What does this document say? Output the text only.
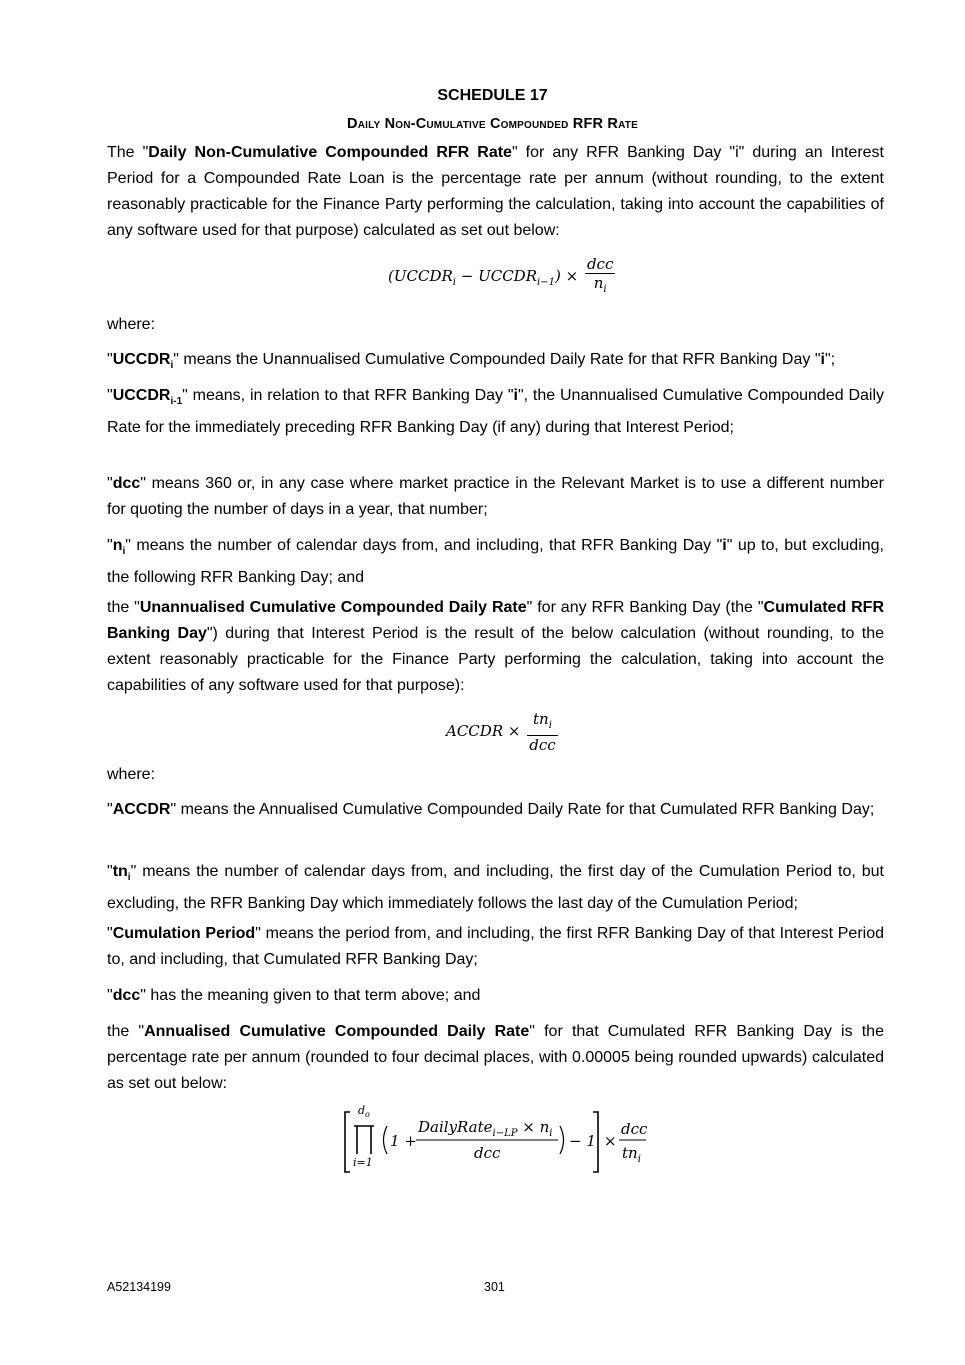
SCHEDULE 17
Daily Non-Cumulative Compounded RFR Rate
The "Daily Non-Cumulative Compounded RFR Rate" for any RFR Banking Day "i" during an Interest Period for a Compounded Rate Loan is the percentage rate per annum (without rounding, to the extent reasonably practicable for the Finance Party performing the calculation, taking into account the capabilities of any software used for that purpose) calculated as set out below:
($UCCDR_i$ − $UCCDR_{i-1}) \times \frac{\text{dcc}}{n_i}$
where:
"$UCCDR_i$" means the Unannualised Cumulative Compounded Daily Rate for that RFR Banking Day "i";
"$UCCDR_{i-1}$" means, in relation to that RFR Banking Day "i", the Unannualised Cumulative Compounded Daily Rate for the immediately preceding RFR Banking Day (if any) during that Interest Period;
"dcc" means 360 or, in any case where market practice in the Relevant Market is to use a different number for quoting the number of days in a year, that number;
"$n_i$" means the number of calendar days from, and including, that RFR Banking Day "i" up to, but excluding, the following RFR Banking Day; and
the "Unannualised Cumulative Compounded Daily Rate" for any RFR Banking Day (the "Cumulated RFR Banking Day") during that Interest Period is the result of the below calculation (without rounding, to the extent reasonably practicable for the Finance Party performing the calculation, taking into account the capabilities of any software used for that purpose):
ACCDR × $\frac{tn_i}{\text{dcc}}$
where:
"ACCDR" means the Annualised Cumulative Compounded Daily Rate for that Cumulated RFR Banking Day;
"$tn_i$" means the number of calendar days from, and including, the first day of the Cumulation Period to, but excluding, the RFR Banking Day which immediately follows the last day of the Cumulation Period;
"Cumulation Period" means the period from, and including, the first RFR Banking Day of that Interest Period to, and including, that Cumulated RFR Banking Day;
"dcc" has the meaning given to that term above; and
the "Annualised Cumulative Compounded Daily Rate" for that Cumulated RFR Banking Day is the percentage rate per annum (rounded to four decimal places, with 0.00005 being rounded upwards) calculated as set out below:
$d_o$
i=1
1 +
DailyRate$_{i-LP}$ × $n_i$
dcc
− 1 ×
dcc
$tn_i$
A52134199	301
